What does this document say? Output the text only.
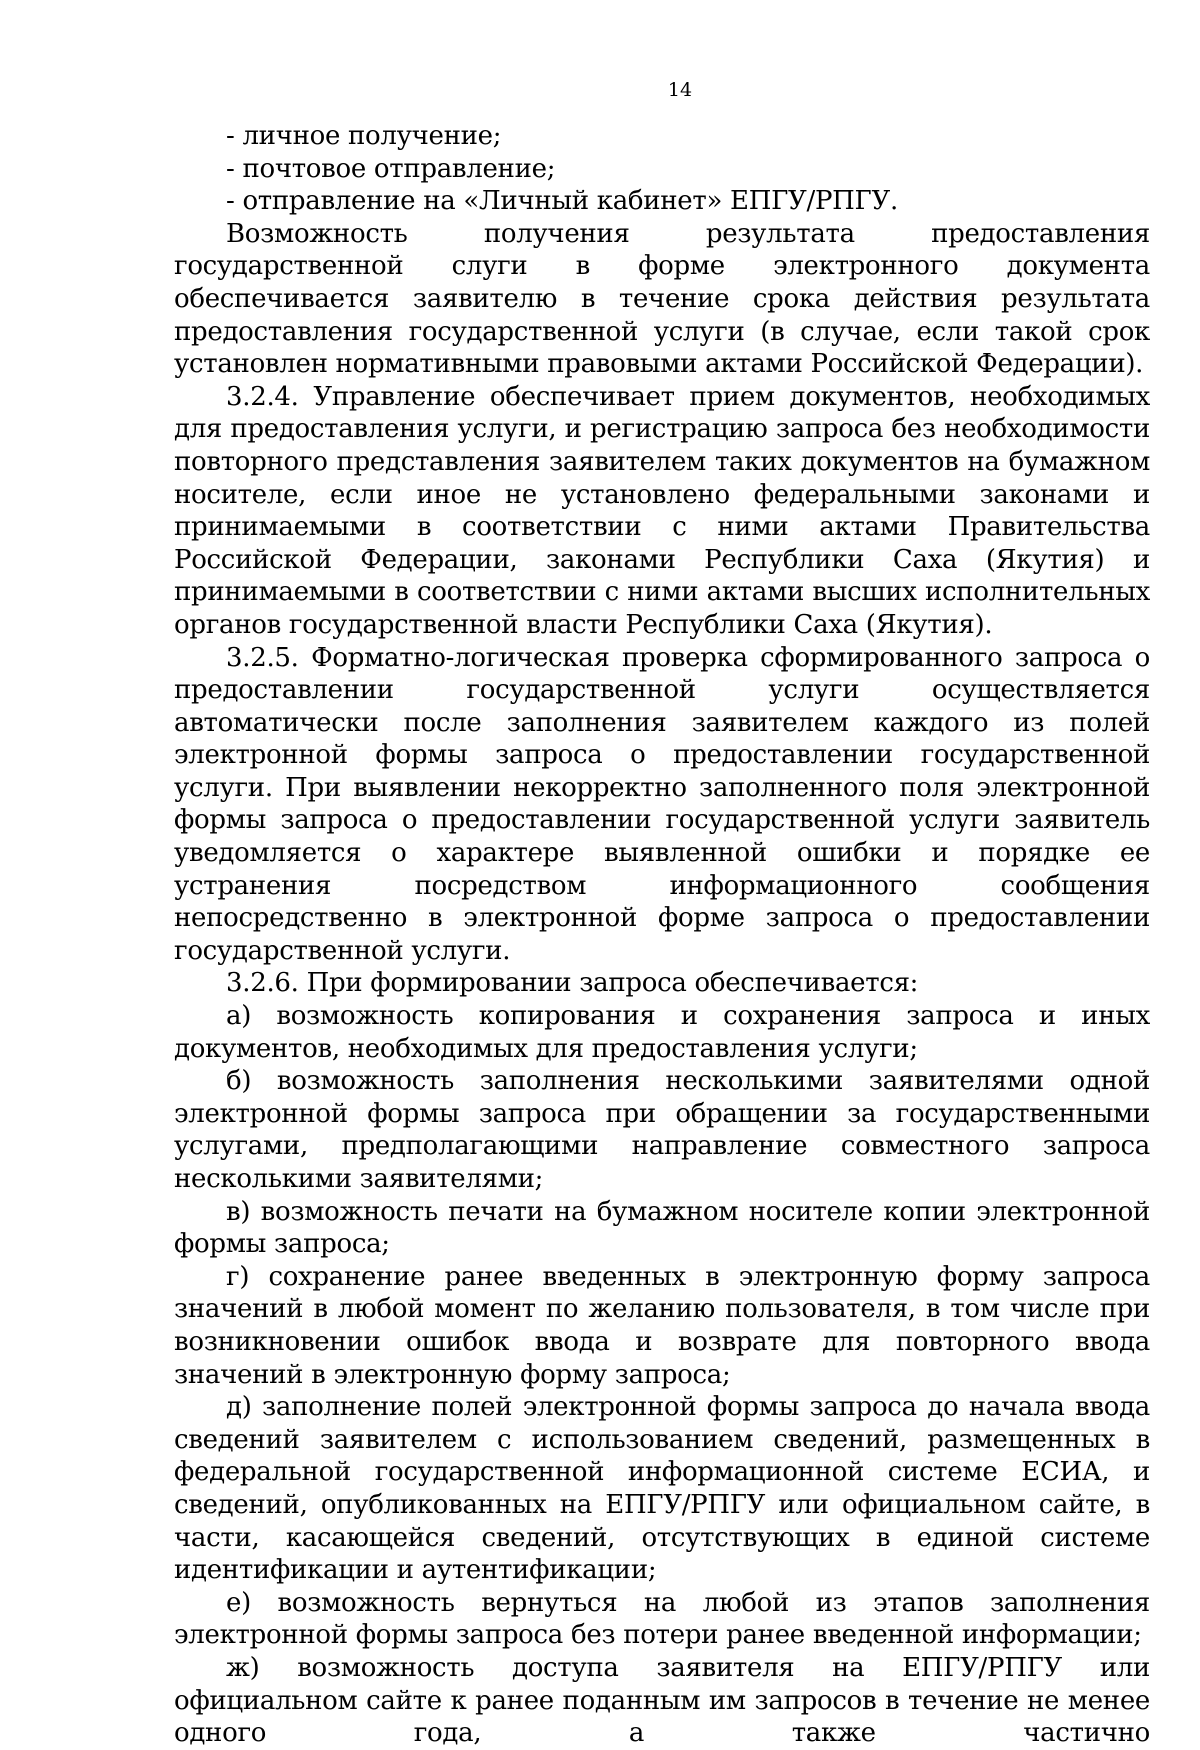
14

- личное получение;

- почтовое отправление;

- отправление на «Личный кабинет» ЕПГУ/РПГУ.

Возможность получения результата предоставления государственной слуги в форме электронного документа обеспечивается заявителю в течение срока действия результата предоставления государственной услуги (в случае, если такой срок установлен нормативными правовыми актами Российской Федерации).

3.2.4. Управление обеспечивает прием документов, необходимых для предоставления услуги, и регистрацию запроса без необходимости повторного представления заявителем таких документов на бумажном носителе, если иное не установлено федеральными законами и принимаемыми в соответствии с ними актами Правительства Российской Федерации, законами Республики Саха (Якутия) и принимаемыми в соответствии с ними актами высших исполнительных органов государственной власти Республики Саха (Якутия).

3.2.5. Форматно-логическая проверка сформированного запроса о предоставлении государственной услуги осуществляется автоматически после заполнения заявителем каждого из полей электронной формы запроса о предоставлении государственной услуги. При выявлении некорректно заполненного поля электронной формы запроса о предоставлении государственной услуги заявитель уведомляется о характере выявленной ошибки и порядке ее устранения посредством информационного сообщения непосредственно в электронной форме запроса о предоставлении государственной услуги.

3.2.6. При формировании запроса обеспечивается:

а) возможность копирования и сохранения запроса и иных документов, необходимых для предоставления услуги;

б) возможность заполнения несколькими заявителями одной электронной формы запроса при обращении за государственными услугами, предполагающими направление совместного запроса несколькими заявителями;

в) возможность печати на бумажном носителе копии электронной формы запроса;

г) сохранение ранее введенных в электронную форму запроса значений в любой момент по желанию пользователя, в том числе при возникновении ошибок ввода и возврате для повторного ввода значений в электронную форму запроса;

д) заполнение полей электронной формы запроса до начала ввода сведений заявителем с использованием сведений, размещенных в федеральной государственной информационной системе ЕСИА, и сведений, опубликованных на ЕПГУ/РПГУ или официальном сайте, в части, касающейся сведений, отсутствующих в единой системе идентификации и аутентификации;

е) возможность вернуться на любой из этапов заполнения электронной формы запроса без потери ранее введенной информации;

ж) возможность доступа заявителя на ЕПГУ/РПГУ или официальном сайте к ранее поданным им запросов в течение не менее одного года, а также частично
